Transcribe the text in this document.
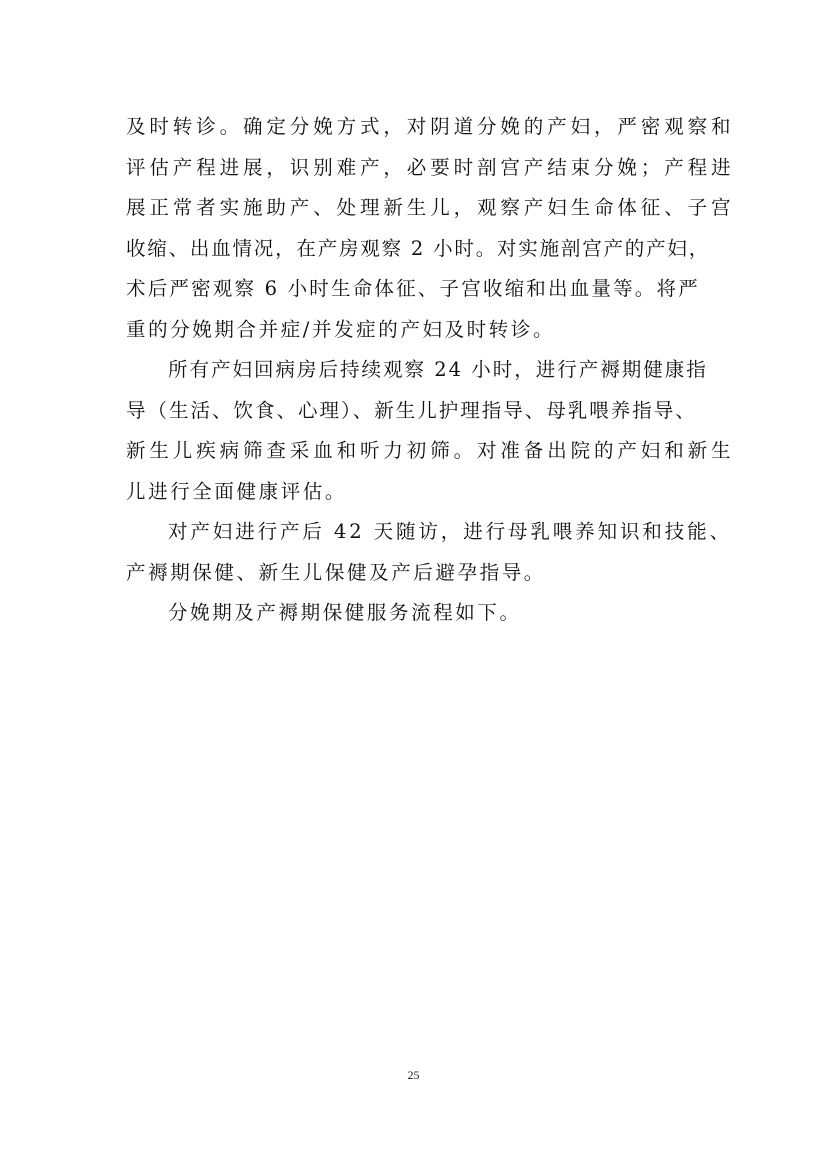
及时转诊。确定分娩方式，对阴道分娩的产妇，严密观察和
评估产程进展，识别难产，必要时剖宫产结束分娩；产程进
展正常者实施助产、处理新生儿，观察产妇生命体征、子宫
收缩、出血情况，在产房观察 2 小时。对实施剖宫产的产妇，
术后严密观察 6 小时生命体征、子宫收缩和出血量等。将严
重的分娩期合并症/并发症的产妇及时转诊。
所有产妇回病房后持续观察 24 小时，进行产褥期健康指
导（生活、饮食、心理）、新生儿护理指导、母乳喂养指导、
新生儿疾病筛查采血和听力初筛。对准备出院的产妇和新生
儿进行全面健康评估。
对产妇进行产后 42 天随访，进行母乳喂养知识和技能、
产褥期保健、新生儿保健及产后避孕指导。
分娩期及产褥期保健服务流程如下。
25
